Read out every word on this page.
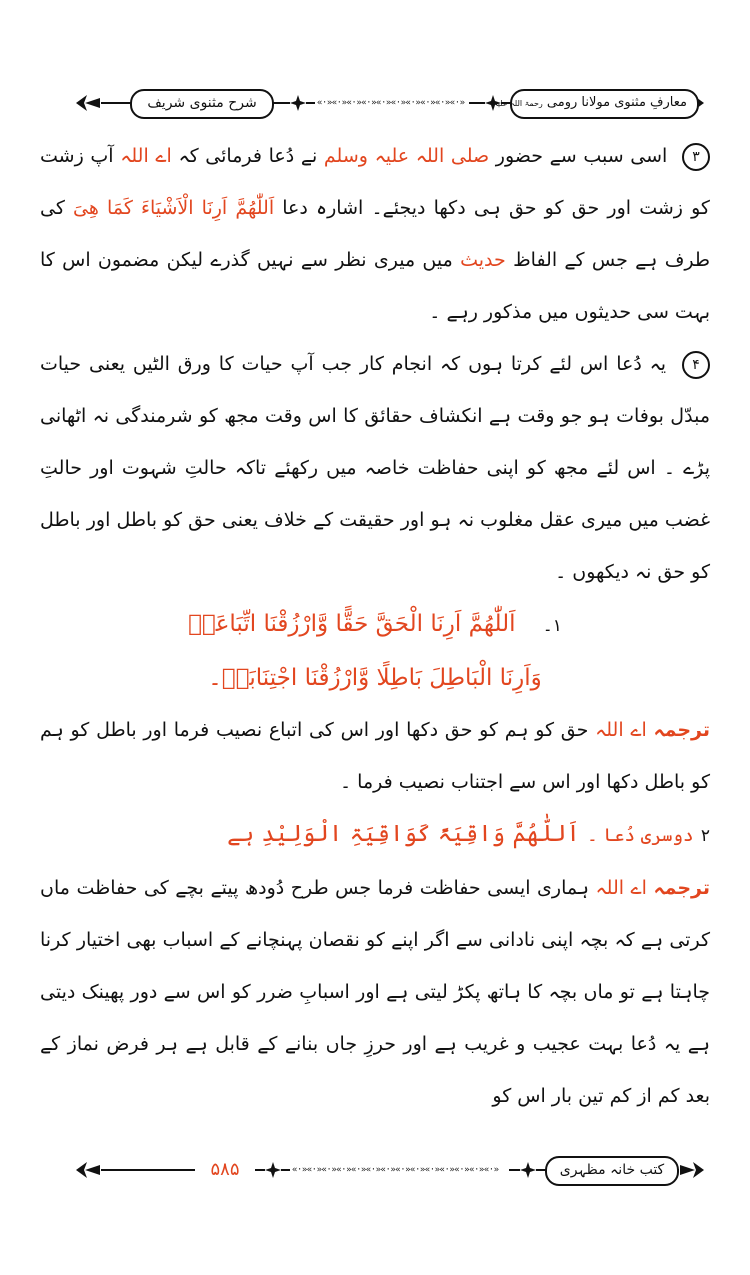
شرح مثنوی شریف	«·»«·»«·»«·»«·»«·»«·»«·»«·»«·»	معارفِ مثنوی مولانا رومی رحمۃ اللہ علیہ

۳ اسی سبب سے حضور صلی اللہ علیہ وسلم نے دُعا فرمائی کہ اے اللہ آپ زشت کو زشت اور حق کو حق ہی دکھا دیجئے۔ اشارہ دعا اَللّٰھُمَّ اَرِنَا الْاَشْیَاءَ کَمَا ھِیَ کی طرف ہے جس کے الفاظ حدیث میں میری نظر سے نہیں گذرے لیکن مضمون اس کا بہت سی حدیثوں میں مذکور رہے ۔

۴ یہ دُعا اس لئے کرتا ہوں کہ انجام کار جب آپ حیات کا ورق الٹیں یعنی حیات مبدّل بوفات ہو جو وقت ہے انکشاف حقائق کا اس وقت مجھ کو شرمندگی نہ اٹھانی پڑے ۔ اس لئے مجھ کو اپنی حفاظت خاصہ میں رکھئے تاکہ حالتِ شہوت اور حالتِ غضب میں میری عقل مغلوب نہ ہو اور حقیقت کے خلاف یعنی حق کو باطل اور باطل کو حق نہ دیکھوں ۔

۱۔ اَللّٰھُمَّ اَرِنَا الْحَقَّ حَقًّا وَّارْزُقْنَا اتِّبَاعَہٗ

وَاَرِنَا الْبَاطِلَ بَاطِلًا وَّارْزُقْنَا اجْتِنَابَہٗ۔

ترجمہ اے اللہ حق کو ہم کو حق دکھا اور اس کی اتباع نصیب فرما اور باطل کو ہم کو باطل دکھا اور اس سے اجتناب نصیب فرما ۔

۲ دوسری دُعا ۔ اَللّٰھُمَّ وَاقِیَۃً کَوَاقِیَۃِ الْوَلِیْدِ ہے

ترجمہ اے اللہ ہماری ایسی حفاظت فرما جس طرح دُودھ پیتے بچے کی حفاظت ماں کرتی ہے کہ بچہ اپنی نادانی سے اگر اپنے کو نقصان پہنچانے کے اسباب بھی اختیار کرنا چاہتا ہے تو ماں بچہ کا ہاتھ پکڑ لیتی ہے اور اسبابِ ضرر کو اس سے دور پھینک دیتی ہے یہ دُعا بہت عجیب و غریب ہے اور حرزِ جاں بنانے کے قابل ہے ہر فرض نماز کے بعد کم از کم تین بار اس کو

۵۸۵	«·»«·»«·»«·»«·»«·»«·»«·»«·»«·»«·»«·»«·»«·»	کتب خانہ مظہری
